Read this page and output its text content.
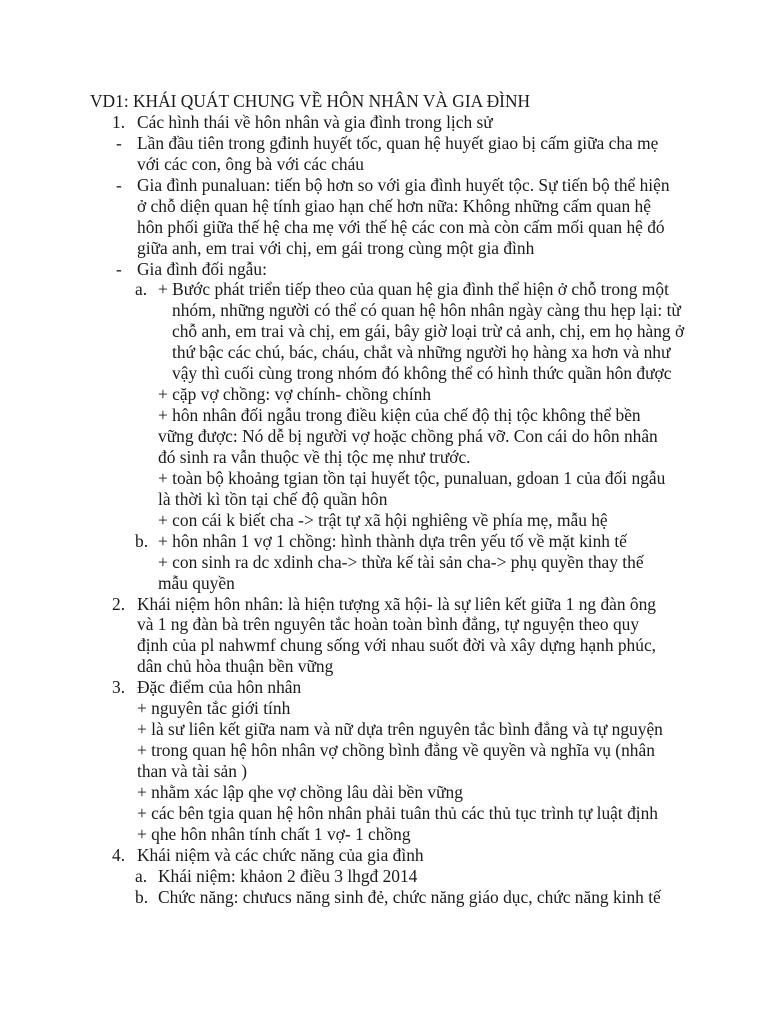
VD1: KHÁI QUÁT CHUNG VỀ HÔN NHÂN VÀ GIA ĐÌNH
1. Các hình thái về hôn nhân và gia đình trong lịch sử
- Lần đầu tiên trong gđinh huyết tốc, quan hệ huyết giao bị cấm giữa cha mẹ
với các con, ông bà với các cháu
- Gia đình punaluan: tiến bộ hơn so với gia đình huyết tộc. Sự tiến bộ thể hiện
ở chỗ diện quan hệ tính giao hạn chế hơn nữa: Không những cấm quan hệ
hôn phối giữa thế hệ cha mẹ với thế hệ các con mà còn cấm mối quan hệ đó
giữa anh, em trai với chị, em gái trong cùng một gia đình
- Gia đình đối ngẫu:
a. + Bước phát triển tiếp theo của quan hệ gia đình thể hiện ở chỗ trong một
nhóm, những người có thể có quan hệ hôn nhân ngày càng thu hẹp lại: từ
chỗ anh, em trai và chị, em gái, bây giờ loại trừ cả anh, chị, em họ hàng ở
thứ bậc các chú, bác, cháu, chắt và những người họ hàng xa hơn và như
vậy thì cuối cùng trong nhóm đó không thể có hình thức quần hôn được
+ cặp vợ chồng: vợ chính- chồng chính
+ hôn nhân đối ngẫu trong điều kiện của chế độ thị tộc không thể bền
vững được: Nó dễ bị người vợ hoặc chồng phá vỡ. Con cái do hôn nhân
đó sinh ra vẫn thuộc về thị tộc mẹ như trước.
+ toàn bộ khoảng tgian tồn tại huyết tộc, punaluan, gdoan 1 của đối ngẫu
là thời kì tồn tại chế độ quần hôn
+ con cái k biết cha -> trật tự xã hội nghiêng về phía mẹ, mẫu hệ
b. + hôn nhân 1 vợ 1 chồng: hình thành dựa trên yếu tố về mặt kinh tế
+ con sinh ra dc xdinh cha-> thừa kế tài sản cha-> phụ quyền thay thế
mẫu quyền
2. Khái niệm hôn nhân: là hiện tượng xã hội- là sự liên kết giữa 1 ng đàn ông
và 1 ng đàn bà trên nguyên tắc hoàn toàn bình đẳng, tự nguyện theo quy
định của pl nahwmf chung sống với nhau suốt đời và xây dựng hạnh phúc,
dân chủ hòa thuận bền vững
3. Đặc điểm của hôn nhân
+ nguyên tắc giới tính
+ là sư liên kết giữa nam và nữ dựa trên nguyên tắc bình đẳng và tự nguyện
+ trong quan hệ hôn nhân vợ chồng bình đẳng về quyền và nghĩa vụ (nhân
than và tài sản )
+ nhằm xác lập qhe vợ chồng lâu dài bền vững
+ các bên tgia quan hệ hôn nhân phải tuân thủ các thủ tục trình tự luật định
+ qhe hôn nhân tính chất 1 vợ- 1 chồng
4. Khái niệm và các chức năng của gia đình
a. Khái niệm: khảon 2 điều 3 lhgđ 2014
b. Chức năng: chưucs năng sinh đẻ, chức năng giáo dục, chức năng kinh tế
